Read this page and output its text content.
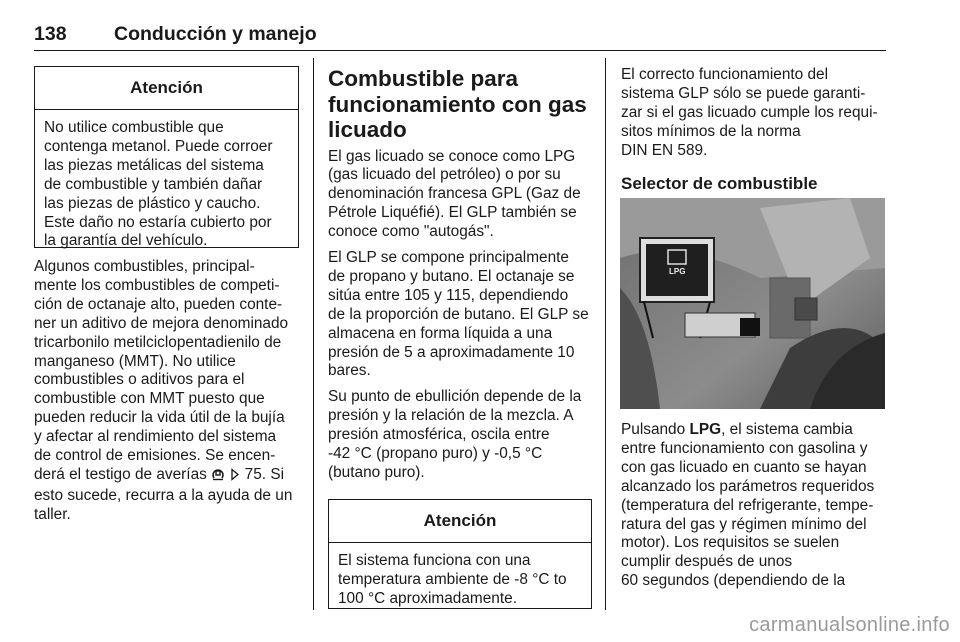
138 Conducción y manejo
Atención

No utilice combustible que

contenga metanol. Puede corroer

las piezas metálicas del sistema

de combustible y también dañar

las piezas de plástico y caucho.

Este daño no estaría cubierto por

la garantía del vehículo.

Algunos combustibles, principal‐

mente los combustibles de competi‐

ción de octanaje alto, pueden conte‐

ner un aditivo de mejora denominado

tricarbonilo metilciclopentadienilo de

manganeso (MMT). No utilice

combustibles o aditivos para el

combustible con MMT puesto que

pueden reducir la vida útil de la bujía

y afectar al rendimiento del sistema

de control de emisiones. Se encen‐

derá el testigo de averías 75. Si

esto sucede, recurra a la ayuda de un

taller.

Combustible para
funcionamiento con gas
licuado

El gas licuado se conoce como LPG

(gas licuado del petróleo) o por su

denominación francesa GPL (Gaz de

Pétrole Liquéfié). El GLP también se

conoce como "autogás".

El GLP se compone principalmente

de propano y butano. El octanaje se

sitúa entre 105 y 115, dependiendo

de la proporción de butano. El GLP se

almacena en forma líquida a una

presión de 5 a aproximadamente 10

bares.

Su punto de ebullición depende de la

presión y la relación de la mezcla. A

presión atmosférica, oscila entre

-42 °C (propano puro) y -0,5 °C

(butano puro).

Atención

El sistema funciona con una

temperatura ambiente de -8 °C to

100 °C aproximadamente.

El correcto funcionamiento del

sistema GLP sólo se puede garanti‐

zar si el gas licuado cumple los requi‐

sitos mínimos de la norma

DIN EN 589.

Selector de combustible
LPG

Pulsando LPG, el sistema cambia

entre funcionamiento con gasolina y

con gas licuado en cuanto se hayan

alcanzado los parámetros requeridos

(temperatura del refrigerante, tempe‐

ratura del gas y régimen mínimo del

motor). Los requisitos se suelen

cumplir después de unos

60 segundos (dependiendo de la

carmanualsonline.info
